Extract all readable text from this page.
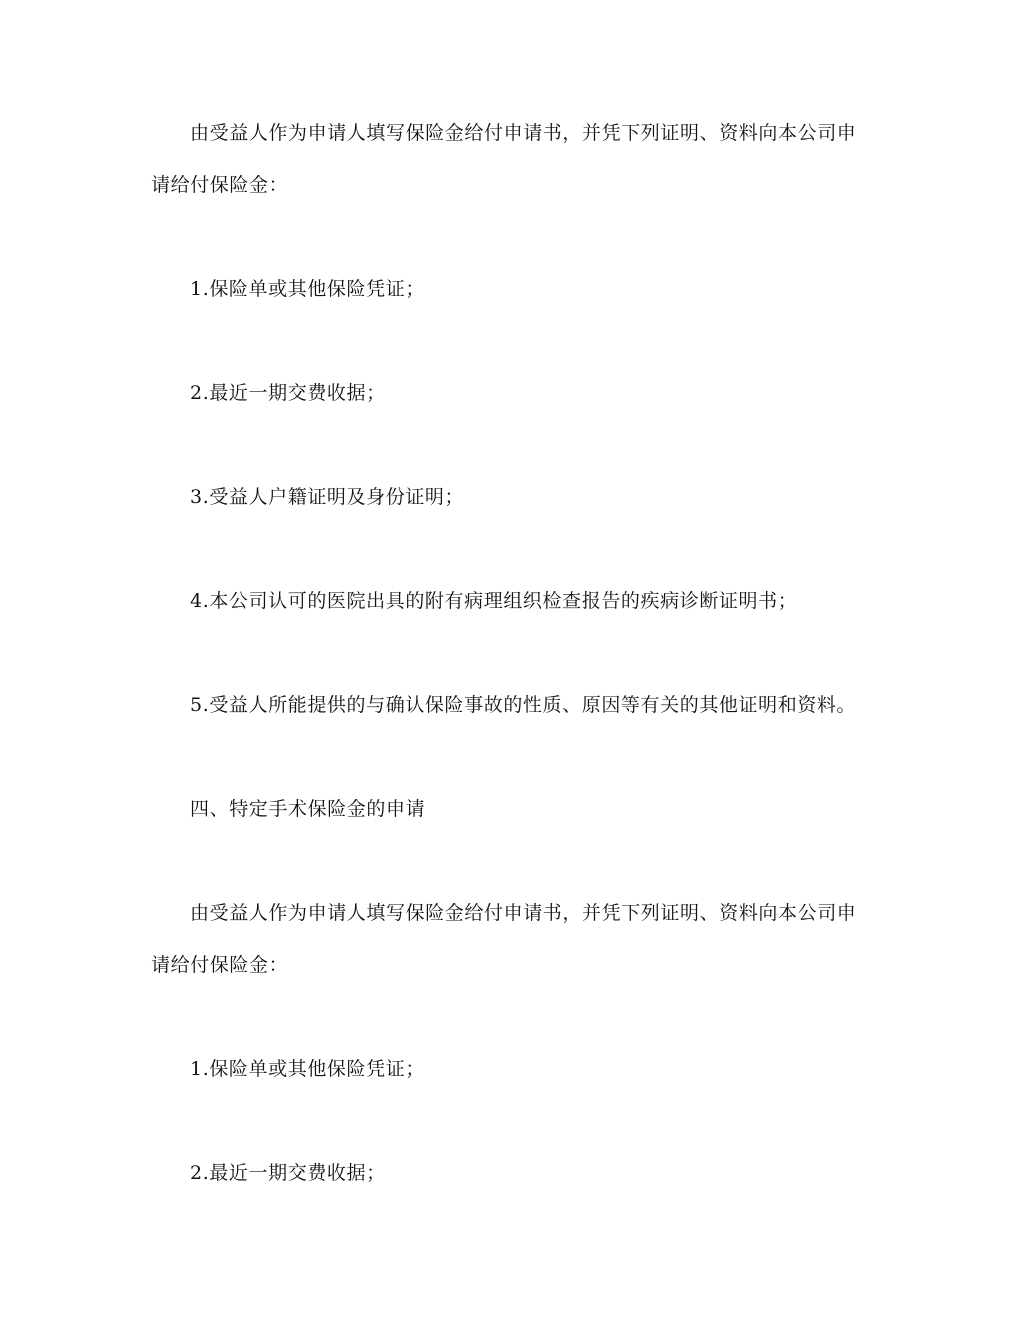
由受益人作为申请人填写保险金给付申请书，并凭下列证明、资料向本公司申
请给付保险金：
1.保险单或其他保险凭证；
2.最近一期交费收据；
3.受益人户籍证明及身份证明；
4.本公司认可的医院出具的附有病理组织检查报告的疾病诊断证明书；
5.受益人所能提供的与确认保险事故的性质、原因等有关的其他证明和资料。
四、特定手术保险金的申请
由受益人作为申请人填写保险金给付申请书，并凭下列证明、资料向本公司申
请给付保险金：
1.保险单或其他保险凭证；
2.最近一期交费收据；
